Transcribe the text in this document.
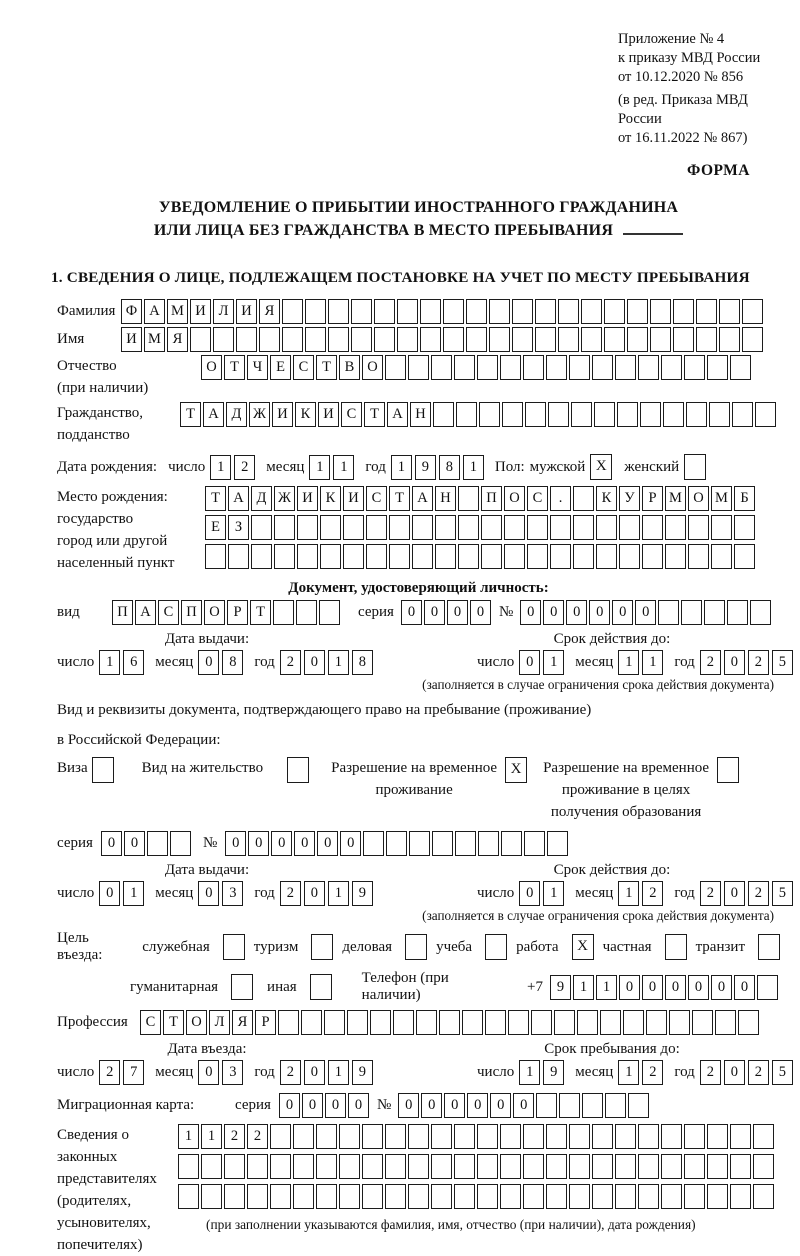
Приложение № 4
к приказу МВД России
от 10.12.2020 № 856
(в ред. Приказа МВД России
от 16.11.2022 № 867)
ФОРМА
УВЕДОМЛЕНИЕ О ПРИБЫТИИ ИНОСТРАННОГО ГРАЖДАНИНА
ИЛИ ЛИЦА БЕЗ ГРАЖДАНСТВА В МЕСТО ПРЕБЫВАНИЯ
1. СВЕДЕНИЯ О ЛИЦЕ, ПОДЛЕЖАЩЕМ ПОСТАНОВКЕ НА УЧЕТ ПО МЕСТУ ПРЕБЫВАНИЯ
Фамилия Ф А М И Л И Я
Имя	И М Я
Отчество
(при наличии)
О Т Ч Е С Т В О
Гражданство,
подданство
Т А Д Ж И К И С Т А Н
Дата рождения: число 1	2	месяц 1	1	год 1	9	8	1	Пол: мужской X	женский
Место рождения:
государство
город или другой
населенный пункт
Т А Д Ж И К И С Т А Н	П О С	.	К У Р М О М Б
Е	З
Документ, удостоверяющий личность:
вид	П А С П О Р	Т	серия 0	0	0	0 № 0	0	0	0	0	0
Дата выдачи:	Срок действия до:
число 1	6	месяц 0	8	год 2	0	1	8	число 0	1	месяц 1	1	год 2	0	2	5
(заполняется в случае ограничения срока действия документа)
Вид и реквизиты документа, подтверждающего право на пребывание (проживание)
в Российской Федерации:
Виза	Вид на жительство	Разрешение на временное
проживание
X	Разрешение на временное
проживание в целях
получения образования
серия	0	0	№	0	0	0	0	0	0
Дата выдачи:	Срок действия до:
число 0	1	месяц 0	3	год 2	0	1	9	число 0	1	месяц 1	2	год 2	0	2	5
(заполняется в случае ограничения срока действия документа)
Цель въезда:
служебная	туризм	деловая	учеба	работа	X частная	транзит
гуманитарная	иная
Телефон (при наличии)
+7 9	1	1	0	0	0	0	0	0
Профессия	С Т О Л Я Р
Дата въезда:	Срок пребывания до:
число 2	7	месяц 0	3	год 2	0	1	9	число 1	9	месяц 1	2	год 2	0	2	5
Миграционная карта:	серия	0	0	0	0 № 0	0	0	0	0	0
Сведения о
законных
представителях
(родителях,
усыновителях,
попечителях)
1	1	2	2
(при заполнении указываются фамилия, имя, отчество (при наличии), дата рождения)
